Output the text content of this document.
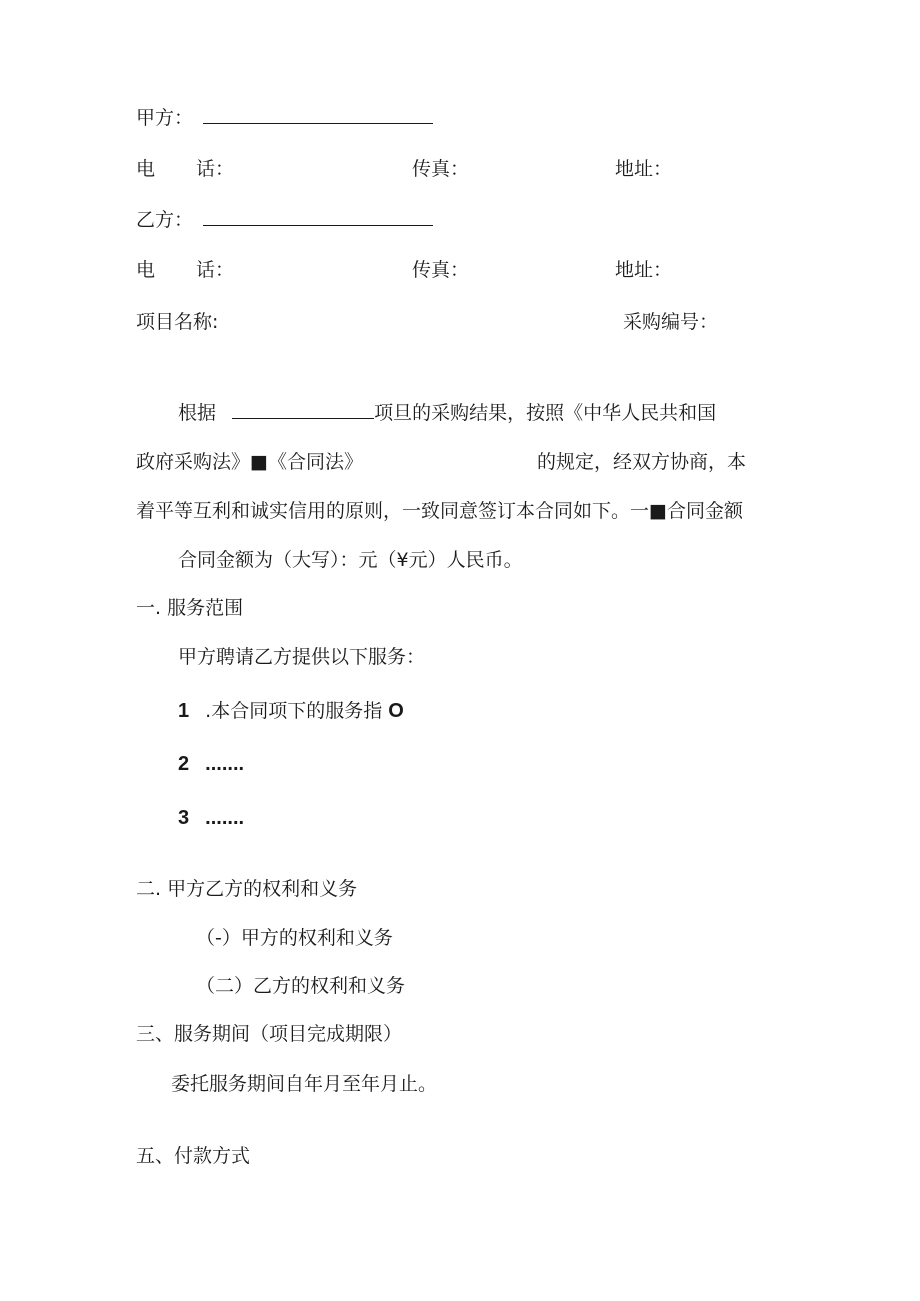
甲方：
电 话：	传真：	地址：
乙方：
电 话：	传真：	地址：
项目名称:	采购编号：
根据	项旦的采购结果，按照《中华人民共和国
政府采购法》■《合同法》	的规定，经双方协商，本
着平等互利和诚实信用的原则，一致同意签订本合同如下。一■合同金额
合同金额为（大写）：元（¥元）人民币。
一. 服务范围
甲方聘请乙方提供以下服务：
1 .本合同项下的服务指 O
2 .......
3 .......
二. 甲方乙方的权利和义务
（-）甲方的权利和义务
（二）乙方的权利和义务
三、服务期间（项目完成期限）
委托服务期间自年月至年月止。
五、付款方式
